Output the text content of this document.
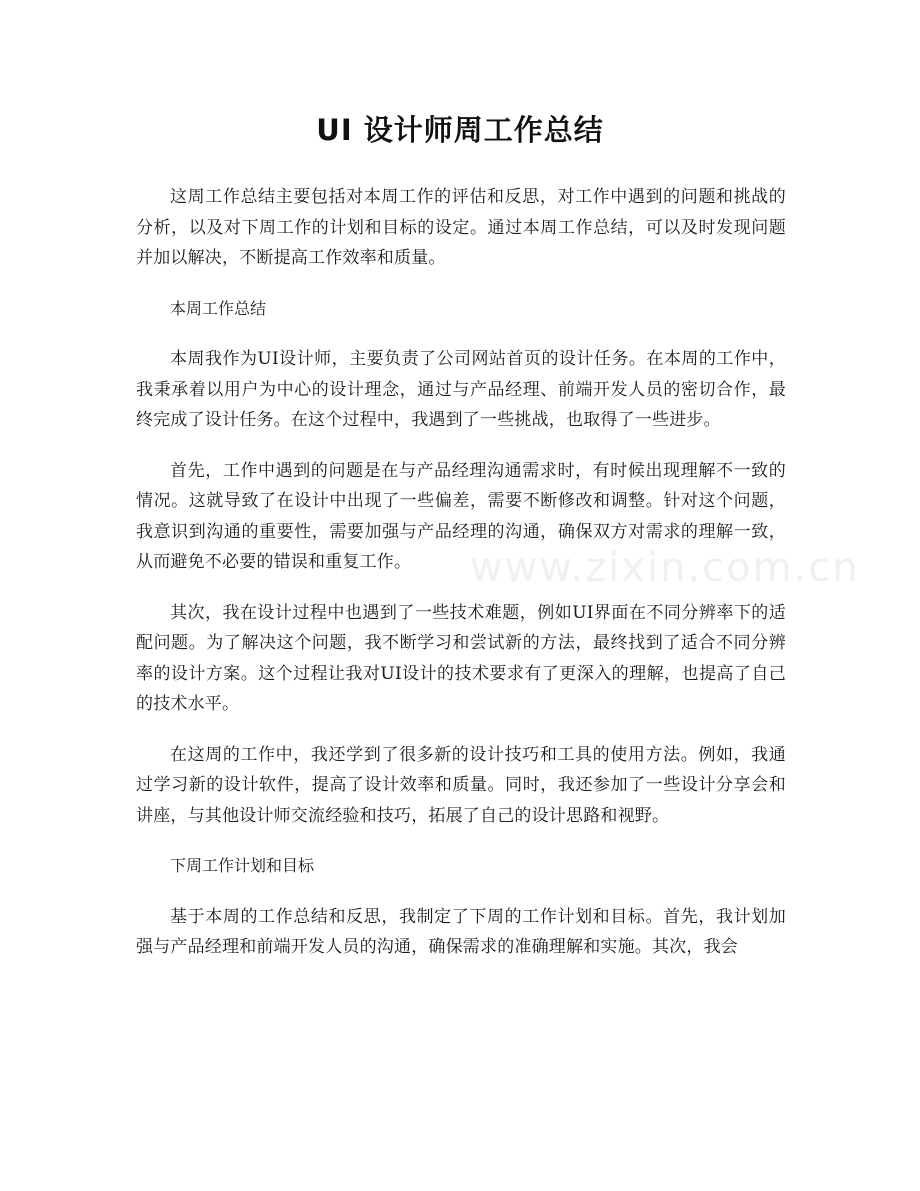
UI 设计师周工作总结

这周工作总结主要包括对本周工作的评估和反思，对工作中遇到的问题和挑战的分析，以及对下周工作的计划和目标的设定。通过本周工作总结，可以及时发现问题并加以解决，不断提高工作效率和质量。

本周工作总结

本周我作为UI设计师，主要负责了公司网站首页的设计任务。在本周的工作中，我秉承着以用户为中心的设计理念，通过与产品经理、前端开发人员的密切合作，最终完成了设计任务。在这个过程中，我遇到了一些挑战，也取得了一些进步。

首先，工作中遇到的问题是在与产品经理沟通需求时，有时候出现理解不一致的情况。这就导致了在设计中出现了一些偏差，需要不断修改和调整。针对这个问题，我意识到沟通的重要性，需要加强与产品经理的沟通，确保双方对需求的理解一致，从而避免不必要的错误和重复工作。

其次，我在设计过程中也遇到了一些技术难题，例如UI界面在不同分辨率下的适配问题。为了解决这个问题，我不断学习和尝试新的方法，最终找到了适合不同分辨率的设计方案。这个过程让我对UI设计的技术要求有了更深入的理解，也提高了自己的技术水平。

在这周的工作中，我还学到了很多新的设计技巧和工具的使用方法。例如，我通过学习新的设计软件，提高了设计效率和质量。同时，我还参加了一些设计分享会和讲座，与其他设计师交流经验和技巧，拓展了自己的设计思路和视野。

下周工作计划和目标

基于本周的工作总结和反思，我制定了下周的工作计划和目标。首先，我计划加强与产品经理和前端开发人员的沟通，确保需求的准确理解和实施。其次，我会

www.zixin.com.cn
